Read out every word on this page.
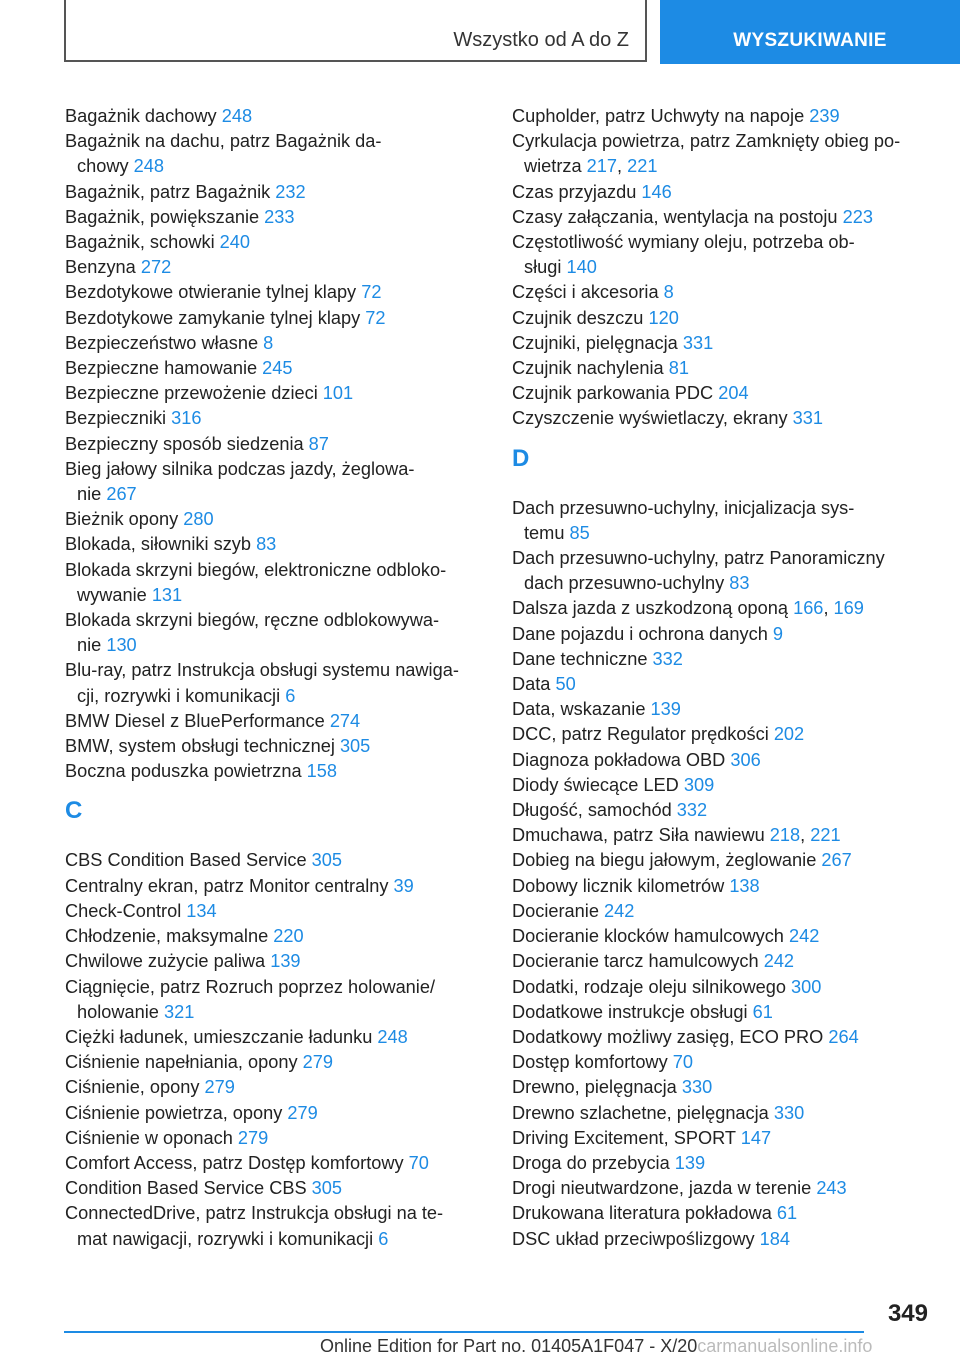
Wszystko od A do Z	WYSZUKIWANIE
Bagażnik dachowy 248
Bagażnik na dachu, patrz Bagażnik da-
chowy 248
Bagażnik, patrz Bagażnik 232
Bagażnik, powiększanie 233
Bagażnik, schowki 240
Benzyna 272
Bezdotykowe otwieranie tylnej klapy 72
Bezdotykowe zamykanie tylnej klapy 72
Bezpieczeństwo własne 8
Bezpieczne hamowanie 245
Bezpieczne przewożenie dzieci 101
Bezpieczniki 316
Bezpieczny sposób siedzenia 87
Bieg jałowy silnika podczas jazdy, żeglowa-
nie 267
Bieżnik opony 280
Blokada, siłowniki szyb 83
Blokada skrzyni biegów, elektroniczne odbloko-
wywanie 131
Blokada skrzyni biegów, ręczne odblokowywa-
nie 130
Blu-ray, patrz Instrukcja obsługi systemu nawiga-
cji, rozrywki i komunikacji 6
BMW Diesel z BluePerformance 274
BMW, system obsługi technicznej 305
Boczna poduszka powietrzna 158
C
CBS Condition Based Service 305
Centralny ekran, patrz Monitor centralny 39
Check-Control 134
Chłodzenie, maksymalne 220
Chwilowe zużycie paliwa 139
Ciągnięcie, patrz Rozruch poprzez holowanie/
holowanie 321
Ciężki ładunek, umieszczanie ładunku 248
Ciśnienie napełniania, opony 279
Ciśnienie, opony 279
Ciśnienie powietrza, opony 279
Ciśnienie w oponach 279
Comfort Access, patrz Dostęp komfortowy 70
Condition Based Service CBS 305
ConnectedDrive, patrz Instrukcja obsługi na te-
mat nawigacji, rozrywki i komunikacji 6
Cupholder, patrz Uchwyty na napoje 239
Cyrkulacja powietrza, patrz Zamknięty obieg po-
wietrza 217, 221
Czas przyjazdu 146
Czasy załączania, wentylacja na postoju 223
Częstotliwość wymiany oleju, potrzeba ob-
sługi 140
Części i akcesoria 8
Czujnik deszczu 120
Czujniki, pielęgnacja 331
Czujnik nachylenia 81
Czujnik parkowania PDC 204
Czyszczenie wyświetlaczy, ekrany 331
D
Dach przesuwno-uchylny, inicjalizacja sys-
temu 85
Dach przesuwno-uchylny, patrz Panoramiczny
dach przesuwno-uchylny 83
Dalsza jazda z uszkodzoną oponą 166, 169
Dane pojazdu i ochrona danych 9
Dane techniczne 332
Data 50
Data, wskazanie 139
DCC, patrz Regulator prędkości 202
Diagnoza pokładowa OBD 306
Diody świecące LED 309
Długość, samochód 332
Dmuchawa, patrz Siła nawiewu 218, 221
Dobieg na biegu jałowym, żeglowanie 267
Dobowy licznik kilometrów 138
Docieranie 242
Docieranie klocków hamulcowych 242
Docieranie tarcz hamulcowych 242
Dodatki, rodzaje oleju silnikowego 300
Dodatkowe instrukcje obsługi 61
Dodatkowy możliwy zasięg, ECO PRO 264
Dostęp komfortowy 70
Drewno, pielęgnacja 330
Drewno szlachetne, pielęgnacja 330
Driving Excitement, SPORT 147
Droga do przebycia 139
Drogi nieutwardzone, jazda w terenie 243
Drukowana literatura pokładowa 61
DSC układ przeciwpoślizgowy 184
349
Online Edition for Part no. 01405A1F047 - X/20carmanualsonline.info
